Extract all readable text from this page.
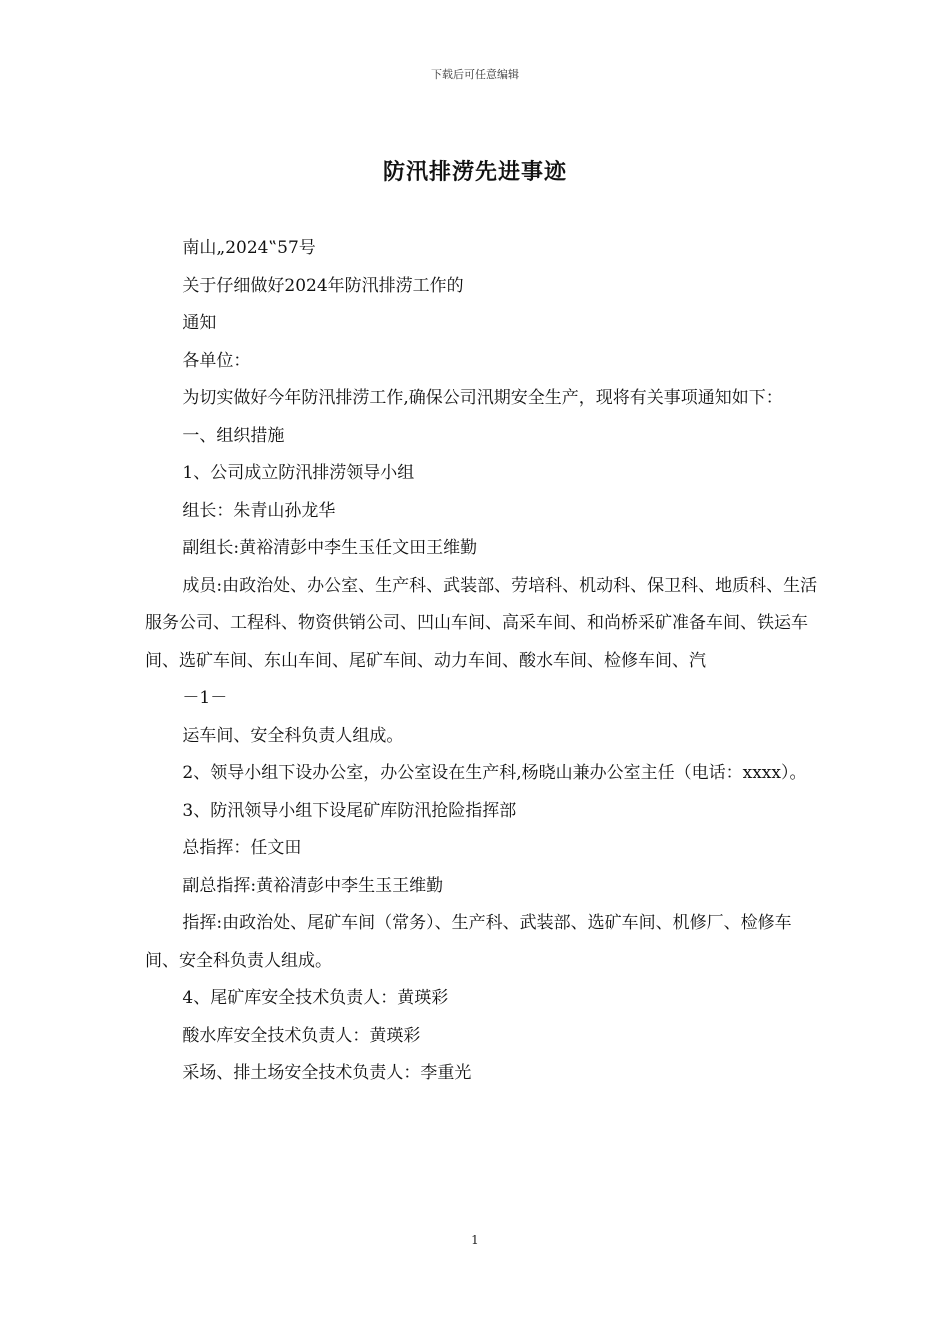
下载后可任意编辑
防汛排涝先进事迹

南山„2024‟57号

关于仔细做好2024年防汛排涝工作的

通知

各单位：

为切实做好今年防汛排涝工作,确保公司汛期安全生产，现将有关事项通知如下：

一、组织措施

1、公司成立防汛排涝领导小组

组长：朱青山孙龙华

副组长:黄裕清彭中李生玉任文田王维勤

成员:由政治处、办公室、生产科、武装部、劳培科、机动科、保卫科、地质科、生活服务公司、工程科、物资供销公司、凹山车间、高采车间、和尚桥采矿准备车间、铁运车间、选矿车间、东山车间、尾矿车间、动力车间、酸水车间、检修车间、汽

－1－

运车间、安全科负责人组成。

2、领导小组下设办公室，办公室设在生产科,杨晓山兼办公室主任（电话：xxxx）。

3、防汛领导小组下设尾矿库防汛抢险指挥部

总指挥：任文田

副总指挥:黄裕清彭中李生玉王维勤

指挥:由政治处、尾矿车间（常务）、生产科、武装部、选矿车间、机修厂、检修车间、安全科负责人组成。

4、尾矿库安全技术负责人：黄瑛彩

酸水库安全技术负责人：黄瑛彩

采场、排土场安全技术负责人：李重光

1
